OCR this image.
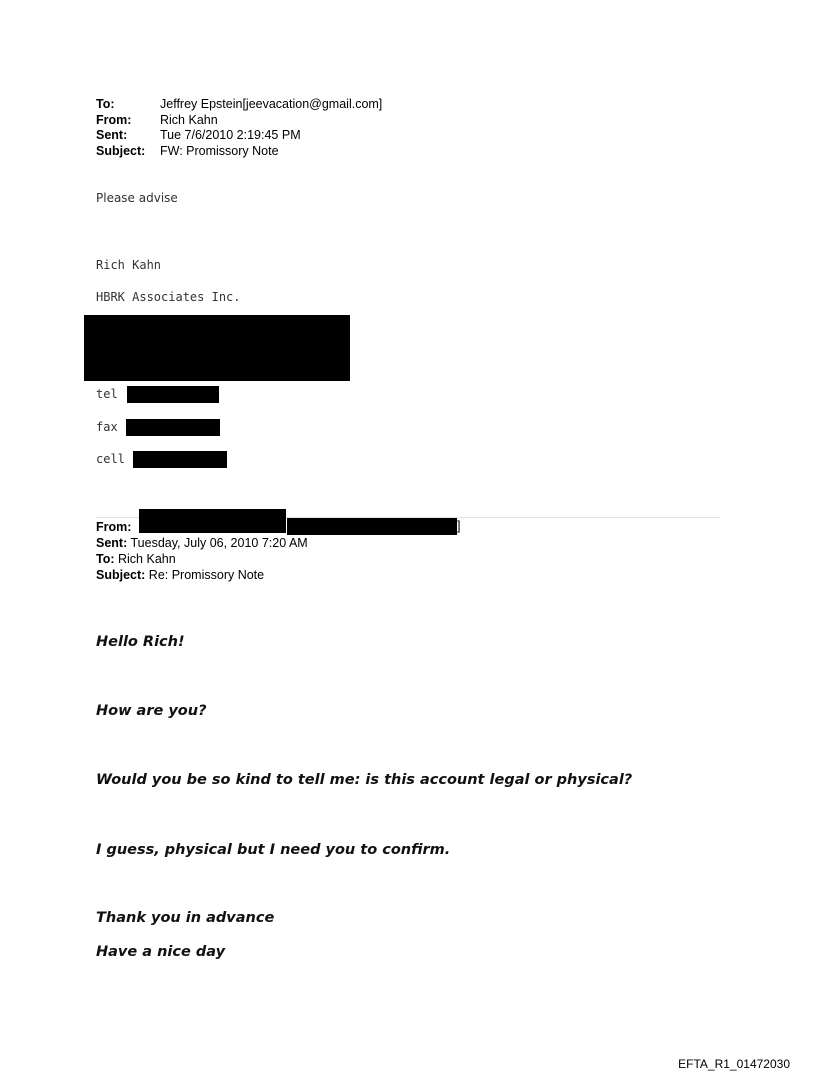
To:	Jeffrey Epstein[jeevacation@gmail.com]
From:	Rich Kahn
Sent:	Tue 7/6/2010 2:19:45 PM
Subject:	FW: Promissory Note
Please advise
Rich Kahn
HBRK Associates Inc.
tel
fax
cell
From:
Sent: Tuesday, July 06, 2010 7:20 AM
To: Rich Kahn
Subject: Re: Promissory Note
]
Hello Rich!
How are you?
Would you be so kind to tell me: is this account legal or physical?
I guess, physical but I need you to confirm.
Thank you in advance
Have a nice day
EFTA_R1_01472030
